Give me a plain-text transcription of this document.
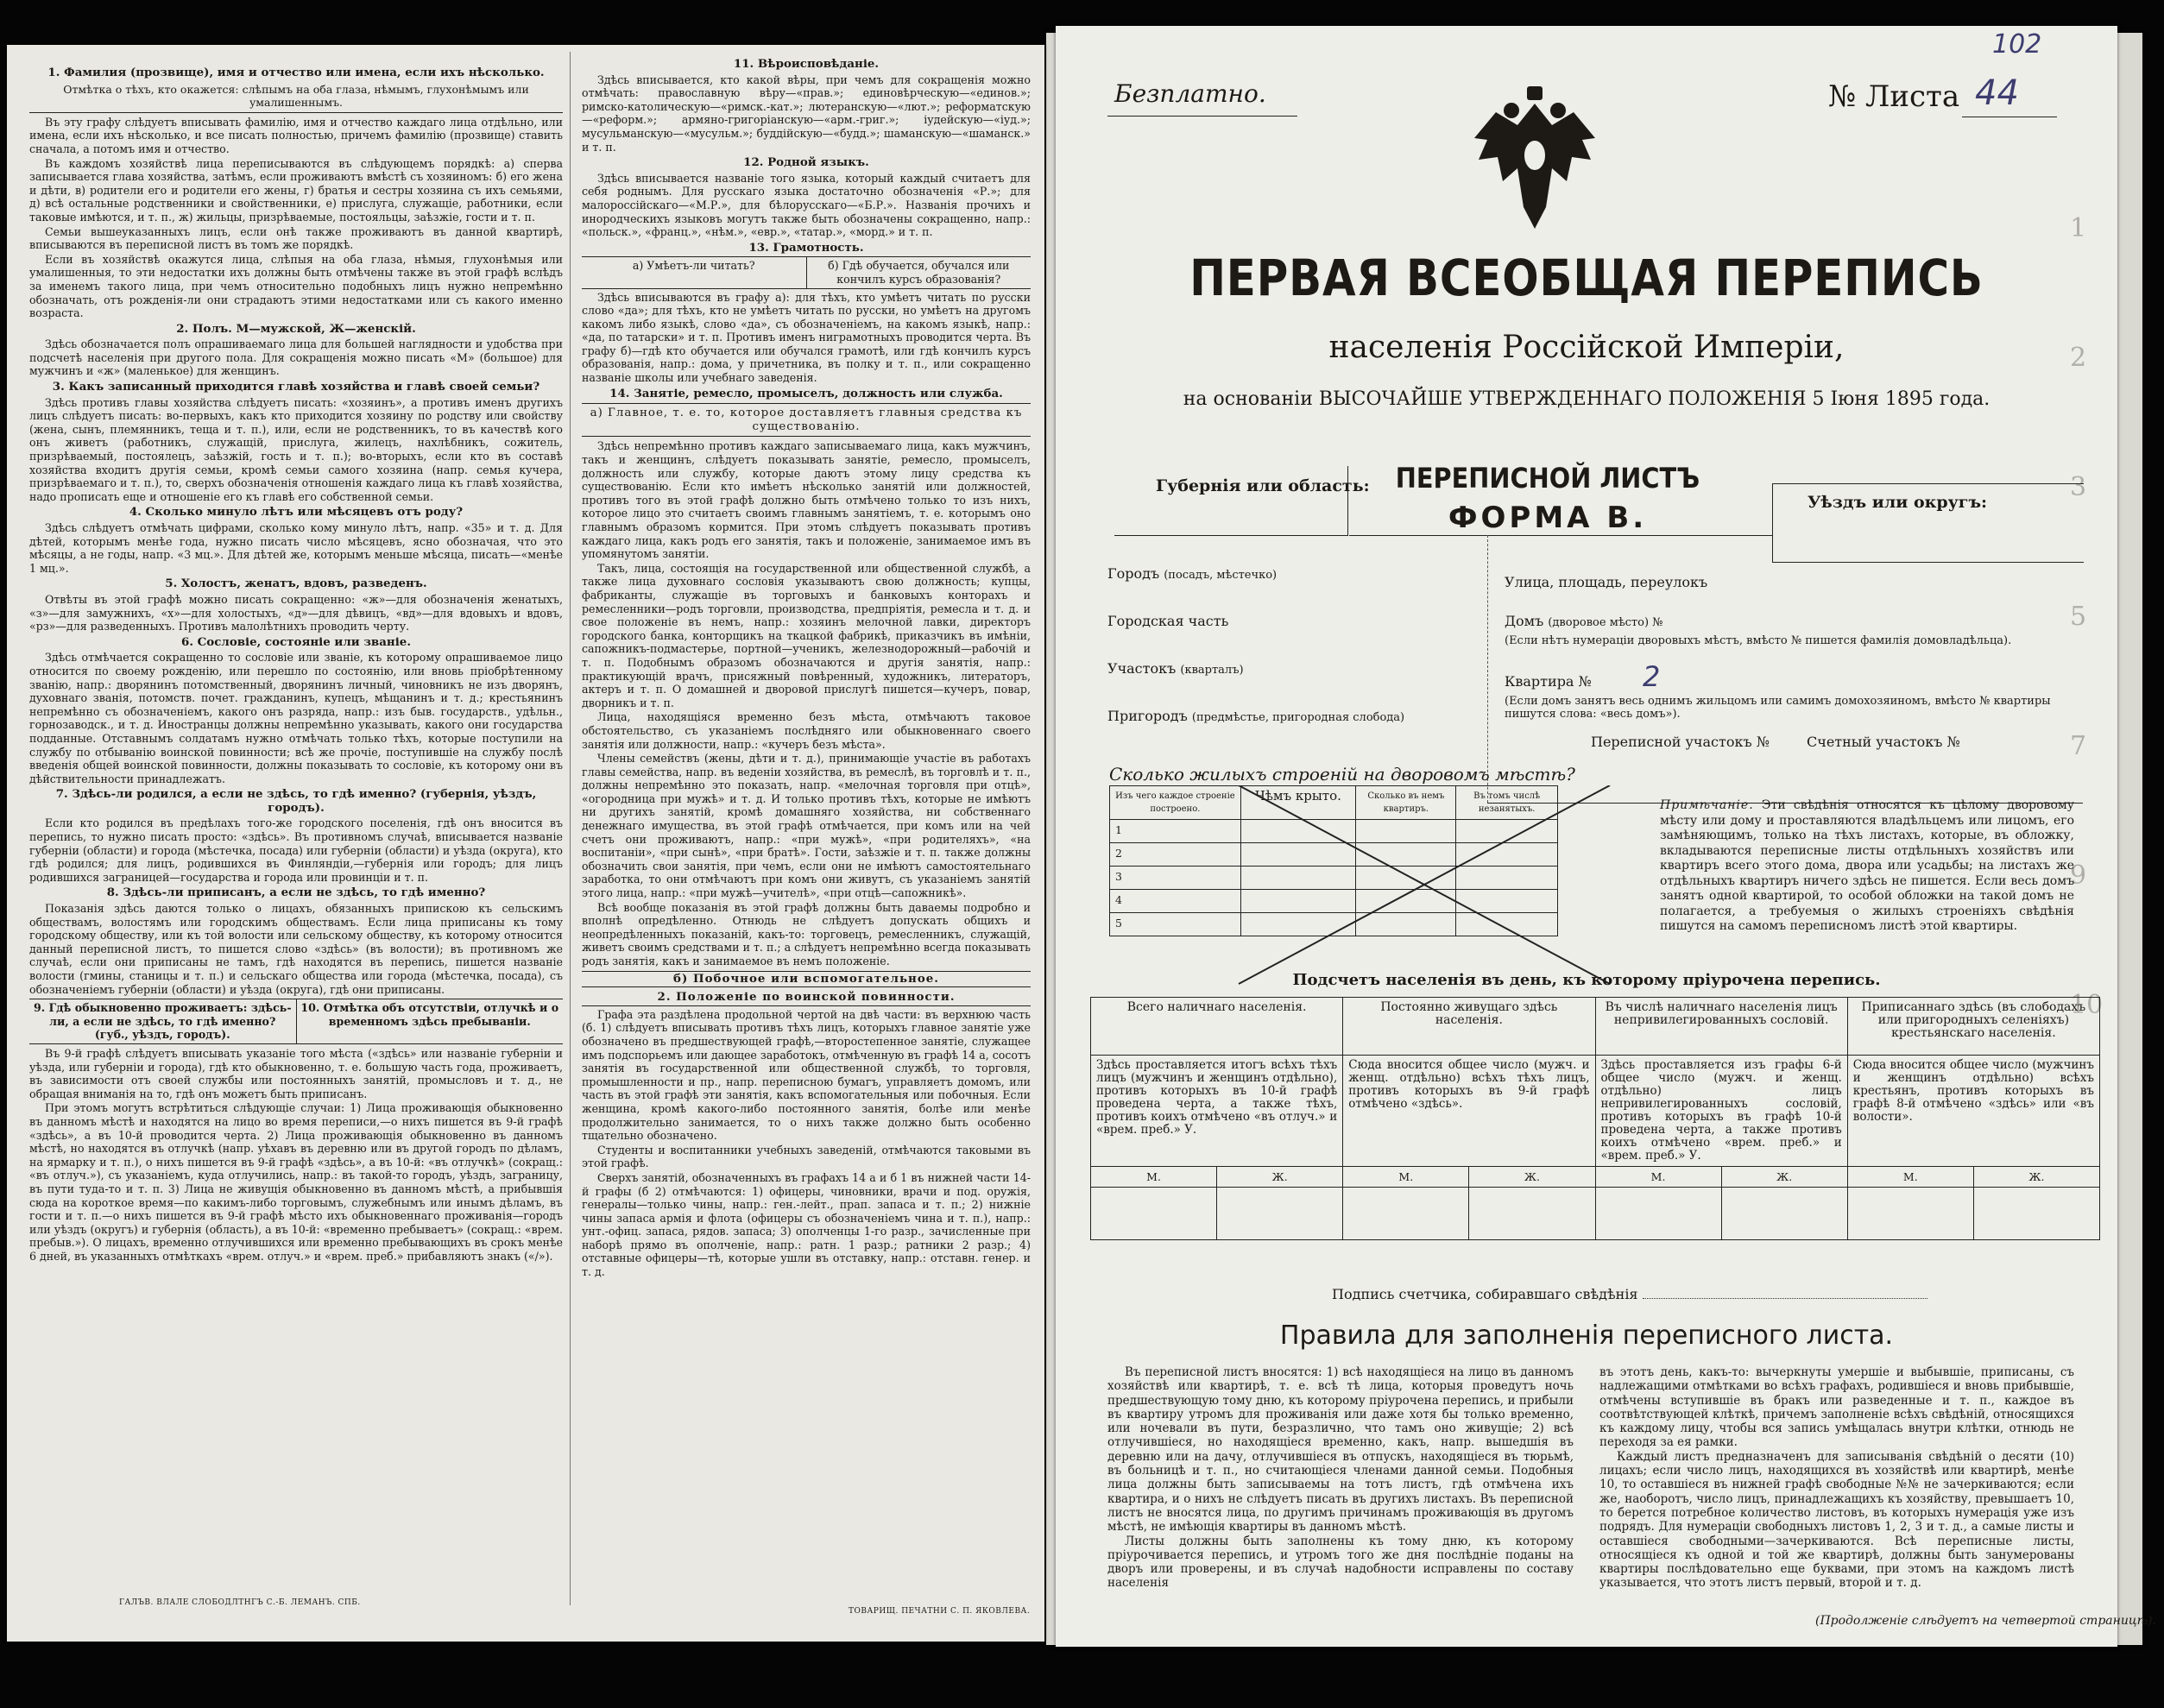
1. Фамилия (прозвище), имя и отчество или имена, если ихъ нѣсколько.

Отмѣтка о тѣхъ, кто окажется: слѣпымъ на оба глаза, нѣмымъ, глухонѣмымъ или умалишеннымъ.

Въ эту графу слѣдуетъ вписывать фамилію, имя и отчество каждаго лица отдѣльно, или имена, если ихъ нѣсколько, и все писать полностью, причемъ фамилію (прозвище) ставить сначала, а потомъ имя и отчество.

Въ каждомъ хозяйствѣ лица переписываются въ слѣдующемъ порядкѣ: а) сперва записывается глава хозяйства, затѣмъ, если проживаютъ вмѣстѣ съ хозяиномъ: б) его жена и дѣти, в) родители его и родители его жены, г) братья и сестры хозяина съ ихъ семьями, д) всѣ остальные родственники и свойственники, е) прислуга, служащіе, работники, если таковые имѣются, и т. п., ж) жильцы, призрѣваемые, постояльцы, заѣзжіе, гости и т. п.

Семьи вышеуказанныхъ лицъ, если онѣ также проживаютъ въ данной квартирѣ, вписываются въ переписной листъ въ томъ же порядкѣ.

Если въ хозяйствѣ окажутся лица, слѣпыя на оба глаза, нѣмыя, глухонѣмыя или умалишенныя, то эти недостатки ихъ должны быть отмѣчены также въ этой графѣ вслѣдъ за именемъ такого лица, при чемъ относительно подобныхъ лицъ нужно непремѣнно обозначать, отъ рожденія-ли они страдаютъ этими недостатками или съ какого именно возраста.

2. Полъ. М—мужской, Ж—женскій.

Здѣсь обозначается полъ опрашиваемаго лица для большей наглядности и удобства при подсчетѣ населенія при другого пола. Для сокращенія можно писать «М» (большое) для мужчинъ и «ж» (маленькое) для женщинъ.

3. Какъ записанный приходится главѣ хозяйства и главѣ своей семьи?

Здѣсь противъ главы хозяйства слѣдуетъ писать: «хозяинъ», а противъ именъ другихъ лицъ слѣдуетъ писать: во-первыхъ, какъ кто приходится хозяину по родству или свойству (жена, сынъ, племянникъ, теща и т. п.), или, если не родственникъ, то въ качествѣ кого онъ живетъ (работникъ, служащій, прислуга, жилецъ, нахлѣбникъ, сожитель, призрѣваемый, постоялецъ, заѣзжій, гость и т. п.); во-вторыхъ, если кто въ составѣ хозяйства входитъ другія семьи, кромѣ семьи самого хозяина (напр. семья кучера, призрѣваемаго и т. п.), то, сверхъ обозначенія отношенія каждаго лица къ главѣ хозяйства, надо прописать еще и отношеніе его къ главѣ его собственной семьи.

4. Сколько минуло лѣтъ или мѣсяцевъ отъ роду?

Здѣсь слѣдуетъ отмѣчать цифрами, сколько кому минуло лѣтъ, напр. «35» и т. д. Для дѣтей, которымъ менѣе года, нужно писать число мѣсяцевъ, ясно обозначая, что это мѣсяцы, а не годы, напр. «3 мц.». Для дѣтей же, которымъ меньше мѣсяца, писать—«менѣе 1 мц.».

5. Холостъ, женатъ, вдовъ, разведенъ.

Отвѣты въ этой графѣ можно писать сокращенно: «ж»—для обозначенія женатыхъ, «з»—для замужнихъ, «х»—для холостыхъ, «д»—для дѣвицъ, «вд»—для вдовыхъ и вдовъ, «рз»—для разведенныхъ. Противъ малолѣтнихъ проводить черту.

6. Сословіе, состояніе или званіе.

Здѣсь отмѣчается сокращенно то сословіе или званіе, къ которому опрашиваемое лицо относится по своему рожденію, или перешло по состоянію, или вновь пріобрѣтенному званію, напр.: дворянинъ потомственный, дворянинъ личный, чиновникъ не изъ дворянъ, духовнаго званія, потомств. почет. гражданинъ, купецъ, мѣщанинъ и т. д.; крестьянинъ непремѣнно съ обозначеніемъ, какого онъ разряда, напр.: изъ быв. государств., удѣльн., горнозаводск., и т. д. Иностранцы должны непремѣнно указывать, какого они государства подданные. Отставнымъ солдатамъ нужно отмѣчать только тѣхъ, которые поступили на службу по отбыванію воинской повинности; всѣ же прочіе, поступившіе на службу послѣ введенія общей воинской повинности, должны показывать то сословіе, къ которому они въ дѣйствительности принадлежатъ.

7. Здѣсь-ли родился, а если не здѣсь, то гдѣ именно? (губернія, уѣздъ, городъ).

Если кто родился въ предѣлахъ того-же городского поселенія, гдѣ онъ вносится въ перепись, то нужно писать просто: «здѣсь». Въ противномъ случаѣ, вписывается названіе губерніи (области) и города (мѣстечка, посада) или губерніи (области) и уѣзда (округа), кто гдѣ родился; для лицъ, родившихся въ Финляндіи,—губернія или городъ; для лицъ родившихся заграницей—государства и города или провинціи и т. п.

8. Здѣсь-ли приписанъ, а если не здѣсь, то гдѣ именно?

Показанія здѣсь даются только о лицахъ, обязанныхъ припискою къ сельскимъ обществамъ, волостямъ или городскимъ обществамъ. Если лица приписаны къ тому городскому обществу, или къ той волости или сельскому обществу, къ которому относится данный переписной листъ, то пишется слово «здѣсь» (въ волости); въ противномъ же случаѣ, если они приписаны не тамъ, гдѣ находятся въ перепись, пишется названіе волости (гмины, станицы и т. п.) и сельскаго общества или города (мѣстечка, посада), съ обозначеніемъ губерніи (области) и уѣзда (округа), гдѣ они приписаны.

9. Гдѣ обыкновенно проживаетъ: здѣсь-ли, а если не здѣсь, то гдѣ именно? (губ., уѣздъ, городъ).
10. Отмѣтка объ отсутствіи, отлучкѣ и о временномъ здѣсь пребываніи.

Въ 9-й графѣ слѣдуетъ вписывать указаніе того мѣста («здѣсь» или названіе губерніи и уѣзда, или губерніи и города), гдѣ кто обыкновенно, т. е. большую часть года, проживаетъ, въ зависимости отъ своей службы или постоянныхъ занятій, промысловъ и т. д., не обращая вниманія на то, гдѣ онъ можетъ быть приписанъ.

При этомъ могутъ встрѣтиться слѣдующіе случаи: 1) Лица проживающія обыкновенно въ данномъ мѣстѣ и находятся на лицо во время переписи,—о нихъ пишется въ 9-й графѣ «здѣсь», а въ 10-й проводится черта. 2) Лица проживающія обыкновенно въ данномъ мѣстѣ, но находятся въ отлучкѣ (напр. уѣхавъ въ деревню или въ другой городъ по дѣламъ, на ярмарку и т. п.), о нихъ пишется въ 9-й графѣ «здѣсь», а въ 10-й: «въ отлучкѣ» (сокращ.: «въ отлуч.»), съ указаніемъ, куда отлучились, напр.: въ такой-то городъ, уѣздъ, заграницу, въ пути туда-то и т. п. 3) Лица не живущія обыкновенно въ данномъ мѣстѣ, а прибывшія сюда на короткое время—по какимъ-либо торговымъ, служебнымъ или инымъ дѣламъ, въ гости и т. п.—о нихъ пишется въ 9-й графѣ мѣсто ихъ обыкновеннаго проживанія—городъ или уѣздъ (округъ) и губернія (область), а въ 10-й: «временно пребываетъ» (сокращ.: «врем. пребыв.»). О лицахъ, временно отлучившихся или временно пребывающихъ въ срокъ менѣе 6 дней, въ указанныхъ отмѣткахъ «врем. отлуч.» и «врем. преб.» прибавляютъ знакъ («/»).

ГАЛЪВ. ВЛАЛЕ СЛОБОДЛТНГЪ С.-Б. ЛЕМАНЪ. СПБ.

11. Вѣроисповѣданіе.

Здѣсь вписывается, кто какой вѣры, при чемъ для сокращенія можно отмѣчать: православную вѣру—«прав.»; единовѣрческую—«единов.»; римско-католическую—«римск.-кат.»; лютеранскую—«лют.»; реформатскую—«реформ.»; армяно-григоріанскую—«арм.-григ.»; іудейскую—«іуд.»; мусульманскую—«мусульм.»; буддійскую—«будд.»; шаманскую—«шаманск.» и т. п.

12. Родной языкъ.

Здѣсь вписывается названіе того языка, который каждый считаетъ для себя роднымъ. Для русскаго языка достаточно обозначенія «Р.»; для малороссійскаго—«М.Р.», для бѣлорусскаго—«Б.Р.». Названія прочихъ и инородческихъ языковъ могутъ также быть обозначены сокращенно, напр.: «польск.», «франц.», «нѣм.», «евр.», «татар.», «морд.» и т. п.

13. Грамотность.

а) Умѣетъ-ли читать?	б) Гдѣ обучается, обучался или кончилъ курсъ образованія?

Здѣсь вписываются въ графу а): для тѣхъ, кто умѣетъ читать по русски слово «да»; для тѣхъ, кто не умѣетъ читать по русски, но умѣетъ на другомъ какомъ либо языкѣ, слово «да», съ обозначеніемъ, на какомъ языкѣ, напр.: «да, по татарски» и т. п. Противъ именъ ниграмотныхъ проводится черта. Въ графу б)—гдѣ кто обучается или обучался грамотѣ, или гдѣ кончилъ курсъ образованія, напр.: дома, у причетника, въ полку и т. п., или сокращенно названіе школы или учебнаго заведенія.

14. Занятіе, ремесло, промыселъ, должность или служба.

а) Главное, т. е. то, которое доставляетъ главныя средства къ существованію.

Здѣсь непремѣнно противъ каждаго записываемаго лица, какъ мужчинъ, такъ и женщинъ, слѣдуетъ показывать занятіе, ремесло, промыселъ, должность или службу, которые даютъ этому лицу средства къ существованію. Если кто имѣетъ нѣсколько занятій или должностей, противъ того въ этой графѣ должно быть отмѣчено только то изъ нихъ, которое лицо это считаетъ своимъ главнымъ занятіемъ, т. е. которымъ оно главнымъ образомъ кормится. При этомъ слѣдуетъ показывать противъ каждаго лица, какъ родъ его занятія, такъ и положеніе, занимаемое имъ въ упомянутомъ занятіи.

Такъ, лица, состоящія на государственной или общественной службѣ, а также лица духовнаго сословія указываютъ свою должность; купцы, фабриканты, служащіе въ торговыхъ и банковыхъ конторахъ и ремесленники—родъ торговли, производства, предпріятія, ремесла и т. д. и свое положеніе въ немъ, напр.: хозяинъ мелочной лавки, директоръ городского банка, конторщикъ на ткацкой фабрикѣ, приказчикъ въ имѣніи, сапожникъ-подмастерье, портной—ученикъ, железнодорожный—рабочій и т. п. Подобнымъ образомъ обозначаются и другія занятія, напр.: практикующій врачъ, присяжный повѣренный, художникъ, литераторъ, актеръ и т. п. О домашней и дворовой прислугѣ пишется—кучеръ, повар, дворникъ и т. п.

Лица, находящіяся временно безъ мѣста, отмѣчаютъ таковое обстоятельство, съ указаніемъ послѣдняго или обыкновеннаго своего занятія или должности, напр.: «кучеръ безъ мѣста».

Члены семействъ (жены, дѣти и т. д.), принимающіе участіе въ работахъ главы семейства, напр. въ веденіи хозяйства, въ ремеслѣ, въ торговлѣ и т. п., должны непремѣнно это показать, напр. «мелочная торговля при отцѣ», «огородница при мужѣ» и т. д. И только противъ тѣхъ, которые не имѣютъ ни другихъ занятій, кромѣ домашняго хозяйства, ни собственнаго денежнаго имущества, въ этой графѣ отмѣчается, при комъ или на чей счетъ они проживаютъ, напр.: «при мужѣ», «при родителяхъ», «на воспитаніи», «при сынѣ», «при братѣ». Гости, заѣзжіе и т. п. также должны обозначить свои занятія, при чемъ, если они не имѣютъ самостоятельнаго заработка, то они отмѣчаютъ при комъ они живутъ, съ указаніемъ занятій этого лица, напр.: «при мужѣ—учителѣ», «при отцѣ—сапожникѣ».

Всѣ вообще показанія въ этой графѣ должны быть даваемы подробно и вполнѣ опредѣленно. Отнюдь не слѣдуетъ допускать общихъ и неопредѣленныхъ показаній, какъ-то: торговецъ, ремесленникъ, служащій, живетъ своимъ средствами и т. п.; а слѣдуетъ непремѣнно всегда показывать родъ занятія, какъ и занимаемое въ немъ положеніе.

б) Побочное или вспомогательное.

2. Положеніе по воинской повинности.

Графа эта раздѣлена продольной чертой на двѣ части: въ верхнюю часть (б. 1) слѣдуетъ вписывать противъ тѣхъ лицъ, которыхъ главное занятіе уже обозначено въ предшествующей графѣ,—второстепенное занятіе, служащее имъ подспорьемъ или дающее заработокъ, отмѣченную въ графѣ 14 а, сосотъ занятія въ государственной или общественной службѣ, то торговля, промышленности и пр., напр. переписною бумагъ, управляетъ домомъ, или часть въ этой графѣ эти занятія, какъ вспомогательныя или побочныя. Если женщина, кромѣ какого-либо постоянного занятія, болѣе или менѣе продолжительно занимается, то о нихъ также должно быть особенно тщательно обозначено.

Студенты и воспитанники учебныхъ заведеній, отмѣчаются таковыми въ этой графѣ.

Сверхъ занятій, обозначенныхъ въ графахъ 14 а и б 1 въ нижней части 14-й графы (б 2) отмѣчаются: 1) офицеры, чиновники, врачи и под. оружія, генералы—только чины, напр.: ген.-лейт., прап. запаса и т. п.; 2) нижніе чины запаса армія и флота (офицеры съ обозначеніемъ чина и т. п.), напр.: унт.-офиц. запаса, рядов. запаса; 3) ополченцы 1-го разр., зачисленные при наборѣ прямо въ ополченіе, напр.: ратн. 1 разр.; ратники 2 разр.; 4) отставные офицеры—тѣ, которые ушли въ отставку, напр.: отставн. генер. и т. д.

ТОВАРИЩ. ПЕЧАТНИ С. П. ЯКОВЛЕВА.
1
2
3
5
7
9
10
Безплатно.	№ Листа 44
102
ПЕРВАЯ ВСЕОБЩАЯ ПЕРЕПИСЬ
населенія Россійской Имперіи,
на основаніи ВЫСОЧАЙШЕ УТВЕРЖДЕННАГО ПОЛОЖЕНІЯ 5 Іюня 1895 года.
Губернія или область: ПЕРЕПИСНОЙ ЛИСТЪ
ФОРМА В.	Уѣздъ или округъ:
Городъ (посадъ, мѣстечко)
Городская часть
Участокъ (кварталъ)
Пригородъ (предмѣстье, пригородная слобода)
Улица, площадь, переулокъ
Домъ (дворовое мѣсто) №
(Если нѣтъ нумераціи дворовыхъ мѣстъ, вмѣсто № пишется фамилія домовладѣльца).
Квартира № 2
(Если домъ занятъ весь однимъ жильцомъ или самимъ домохозяиномъ, вмѣсто № квартиры пишутся слова: «весь домъ»).
Переписной участокъ №	Счетный участокъ №
Сколько жилыхъ строеній на дворовомъ мѣстѣ?
Изъ чего каждое строеніе построено.	Чѣмъ крыто.	Сколько въ немъ квартиръ.	Въ томъ числѣ незанятыхъ.
1			
2			
3			
4			
5			
Примѣчаніе. Эти свѣдѣнія относятся къ цѣлому дворовому мѣсту или дому и проставляются владѣльцемъ или лицомъ, его замѣняющимъ, только на тѣхъ листахъ, которые, въ обложку, вкладываются переписные листы отдѣльныхъ хозяйствъ или квартиръ всего этого дома, двора или усадьбы; на листахъ же отдѣльныхъ квартиръ ничего здѣсь не пишется. Если весь домъ занятъ одной квартирой, то особой обложки на такой домъ не полагается, а требуемыя о жилыхъ строеніяхъ свѣдѣнія пишутся на самомъ переписномъ листѣ этой квартиры.
Подсчетъ населенія въ день, къ которому пріурочена перепись.
Всего наличнаго населенія.		Постоянно живущаго здѣсь населенія.		Въ числѣ наличнаго населенія лицъ непривилегированныхъ сословій.		Приписаннаго здѣсь (въ слободахъ или пригородныхъ селеніяхъ) крестьянскаго населенія.	
Здѣсь проставляется итогъ всѣхъ тѣхъ лицъ (мужчинъ и женщинъ отдѣльно), противъ которыхъ въ 10-й графѣ проведена черта, а также тѣхъ, противъ коихъ отмѣчено «въ отлуч.» и «врем. преб.» У.		Сюда вносится общее число (мужч. и женщ. отдѣльно) всѣхъ тѣхъ лицъ, противъ которыхъ въ 9-й графѣ отмѣчено «здѣсь».		Здѣсь проставляется изъ графы 6-й общее число (мужч. и женщ. отдѣльно) лицъ непривилегированныхъ сословій, противъ которыхъ въ графѣ 10-й проведена черта, а также противъ коихъ отмѣчено «врем. преб.» и «врем. преб.» У.		Сюда вносится общее число (мужчинъ и женщинъ отдѣльно) всѣхъ крестьянъ, противъ которыхъ въ графѣ 8-й отмѣчено «здѣсь» или «въ волости».	
М.	Ж.	М.	Ж.	М.	Ж.	М.	Ж.

Подпись счетчика, собиравшаго свѣдѣнія
Правила для заполненія переписного листа.

Въ переписной листъ вносятся: 1) всѣ находящіеся на лицо въ данномъ хозяйствѣ или квартирѣ, т. е. всѣ тѣ лица, которыя проведутъ ночь предшествующую тому дню, къ которому пріурочена перепись, и прибыли въ квартиру утромъ для проживанія или даже хотя бы только временно, или ночевали въ пути, безразлично, что тамъ оно живущіе; 2) всѣ отлучившіеся, но находящіеся временно, какъ, напр. вышедшія въ деревню или на дачу, отлучившіеся въ отпускъ, находящіеся въ тюрьмѣ, въ больницѣ и т. п., но считающіеся членами данной семьи. Подобныя лица должны быть записываемы на тотъ листъ, гдѣ отмѣчена ихъ квартира, и о нихъ не слѣдуетъ писать въ другихъ листахъ. Въ переписной листъ не вносятся лица, по другимъ причинамъ проживающія въ другомъ мѣстѣ, не имѣющія квартиры въ данномъ мѣстѣ.

Листы должны быть заполнены къ тому дню, къ которому пріурочивается перепись, и утромъ того же дня послѣдніе поданы на дворъ или проверены, и въ случаѣ надобности исправлены по составу населенія

въ этотъ день, какъ-то: вычеркнуты умершіе и выбывшіе, приписаны, съ надлежащими отмѣтками во всѣхъ графахъ, родившіеся и вновь прибывшіе, отмѣчены вступившіе въ бракъ или разведенные и т. п., каждое въ соотвѣтствующей клѣткѣ, причемъ заполненіе всѣхъ свѣдѣній, относящихся къ каждому лицу, чтобы вся запись умѣщалась внутри клѣтки, отнюдь не переходя за ея рамки.

Каждый листъ предназначенъ для записыванія свѣдѣній о десяти (10) лицахъ; если число лицъ, находящихся въ хозяйствѣ или квартирѣ, менѣе 10, то оставшіеся въ нижней графѣ свободные №№ не зачеркиваются; если же, наоборотъ, число лицъ, принадлежащихъ къ хозяйству, превышаетъ 10, то берется потребное количество листовъ, въ которыхъ нумерація уже изъ подрядъ. Для нумераціи свободныхъ листовъ 1, 2, 3 и т. д., а самые листы и оставшіеся свободными—зачеркиваются. Всѣ переписные листы, относящіеся къ одной и той же квартирѣ, должны быть занумерованы квартиры послѣдовательно еще буквами, при этомъ на каждомъ листѣ указывается, что этотъ листъ первый, второй и т. д.

(Продолженіе слѣдуетъ на четвертой страницѣ).
